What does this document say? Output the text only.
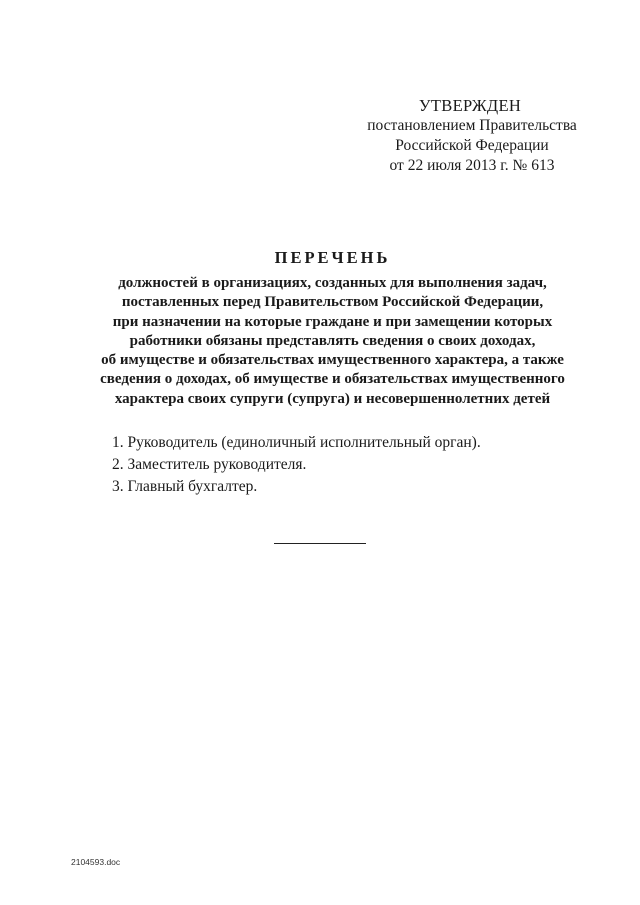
УТВЕРЖДЕН
постановлением Правительства
Российской Федерации
от 22 июля 2013 г. № 613
ПЕРЕЧЕНЬ
должностей в организациях, созданных для выполнения задач,
поставленных перед Правительством Российской Федерации,
при назначении на которые граждане и при замещении которых
работники обязаны представлять сведения о своих доходах,
об имуществе и обязательствах имущественного характера, а также
сведения о доходах, об имуществе и обязательствах имущественного
характера своих супруги (супруга) и несовершеннолетних детей
1. Руководитель (единоличный исполнительный орган).
2. Заместитель руководителя.
3. Главный бухгалтер.
2104593.doc
